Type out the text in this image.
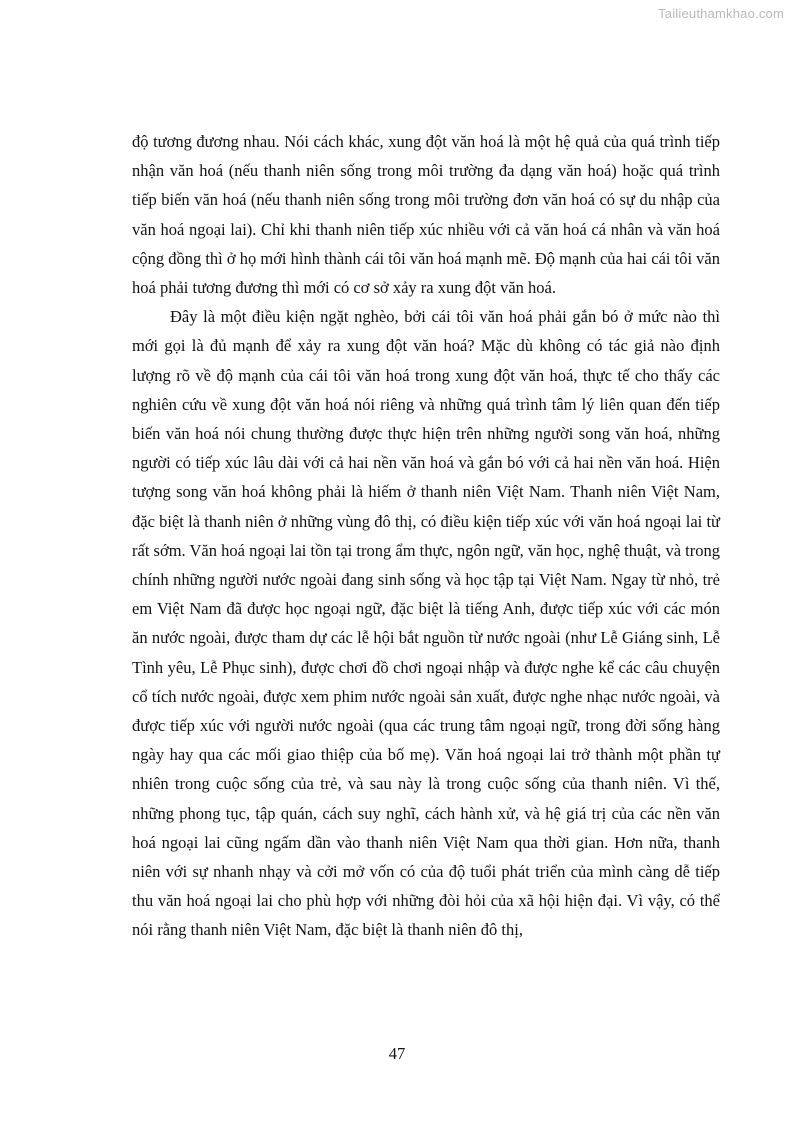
Tailieuthamkhao.com

độ tương đương nhau. Nói cách khác, xung đột văn hoá là một hệ quả của quá trình tiếp nhận văn hoá (nếu thanh niên sống trong môi trường đa dạng văn hoá) hoặc quá trình tiếp biến văn hoá (nếu thanh niên sống trong môi trường đơn văn hoá có sự du nhập của văn hoá ngoại lai). Chỉ khi thanh niên tiếp xúc nhiều với cả văn hoá cá nhân và văn hoá cộng đồng thì ở họ mới hình thành cái tôi văn hoá mạnh mẽ. Độ mạnh của hai cái tôi văn hoá phải tương đương thì mới có cơ sở xảy ra xung đột văn hoá.

Đây là một điều kiện ngặt nghèo, bởi cái tôi văn hoá phải gắn bó ở mức nào thì mới gọi là đủ mạnh để xảy ra xung đột văn hoá? Mặc dù không có tác giả nào định lượng rõ về độ mạnh của cái tôi văn hoá trong xung đột văn hoá, thực tế cho thấy các nghiên cứu về xung đột văn hoá nói riêng và những quá trình tâm lý liên quan đến tiếp biến văn hoá nói chung thường được thực hiện trên những người song văn hoá, những người có tiếp xúc lâu dài với cả hai nền văn hoá và gắn bó với cả hai nền văn hoá. Hiện tượng song văn hoá không phải là hiếm ở thanh niên Việt Nam. Thanh niên Việt Nam, đặc biệt là thanh niên ở những vùng đô thị, có điều kiện tiếp xúc với văn hoá ngoại lai từ rất sớm. Văn hoá ngoại lai tồn tại trong ẩm thực, ngôn ngữ, văn học, nghệ thuật, và trong chính những người nước ngoài đang sinh sống và học tập tại Việt Nam. Ngay từ nhỏ, trẻ em Việt Nam đã được học ngoại ngữ, đặc biệt là tiếng Anh, được tiếp xúc với các món ăn nước ngoài, được tham dự các lễ hội bắt nguồn từ nước ngoài (như Lễ Giáng sinh, Lễ Tình yêu, Lễ Phục sinh), được chơi đồ chơi ngoại nhập và được nghe kể các câu chuyện cổ tích nước ngoài, được xem phim nước ngoài sản xuất, được nghe nhạc nước ngoài, và được tiếp xúc với người nước ngoài (qua các trung tâm ngoại ngữ, trong đời sống hàng ngày hay qua các mối giao thiệp của bố mẹ). Văn hoá ngoại lai trở thành một phần tự nhiên trong cuộc sống của trẻ, và sau này là trong cuộc sống của thanh niên. Vì thế, những phong tục, tập quán, cách suy nghĩ, cách hành xử, và hệ giá trị của các nền văn hoá ngoại lai cũng ngấm dần vào thanh niên Việt Nam qua thời gian. Hơn nữa, thanh niên với sự nhanh nhạy và cởi mở vốn có của độ tuổi phát triển của mình càng dễ tiếp thu văn hoá ngoại lai cho phù hợp với những đòi hỏi của xã hội hiện đại. Vì vậy, có thể nói rằng thanh niên Việt Nam, đặc biệt là thanh niên đô thị,

47
